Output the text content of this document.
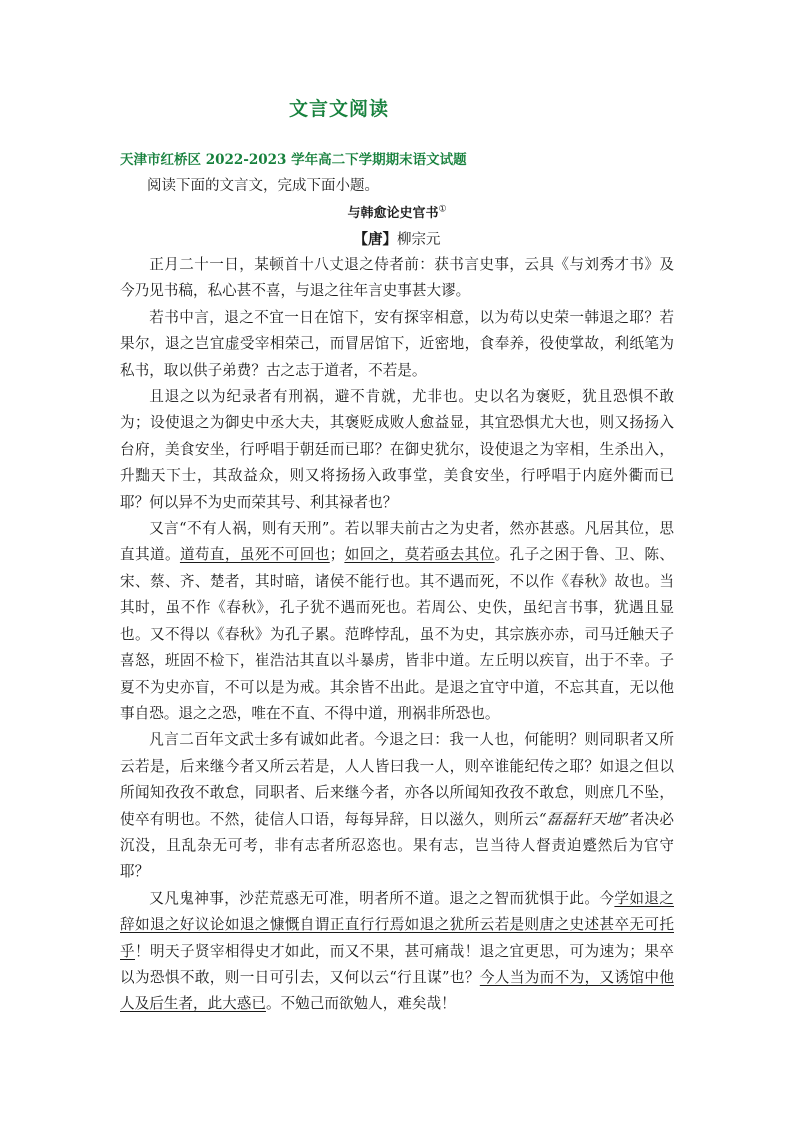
文言文阅读
天津市红桥区 2022-2023 学年高二下学期期末语文试题
阅读下面的文言文，完成下面小题。
与韩愈论史官书①
【唐】柳宗元

正月二十一日，某顿首十八丈退之侍者前：获书言史事，云具《与刘秀才书》及今乃见书稿，私心甚不喜，与退之往年言史事甚大谬。

若书中言，退之不宜一日在馆下，安有探宰相意，以为苟以史荣一韩退之耶？若果尔，退之岂宜虚受宰相荣己，而冒居馆下，近密地，食奉养，役使掌故，利纸笔为私书，取以供子弟费？古之志于道者，不若是。

且退之以为纪录者有刑祸，避不肯就，尤非也。史以名为褒贬，犹且恐惧不敢为；设使退之为御史中丞大夫，其褒贬成败人愈益显，其宜恐惧尤大也，则又扬扬入台府，美食安坐，行呼唱于朝廷而已耶？在御史犹尔，设使退之为宰相，生杀出入，升黜天下士，其敌益众，则又将扬扬入政事堂，美食安坐，行呼唱于内庭外衢而已耶？何以异不为史而荣其号、利其禄者也？

又言“不有人祸，则有天刑”。若以罪夫前古之为史者，然亦甚惑。凡居其位，思直其道。道苟直，虽死不可回也；如回之，莫若亟去其位。孔子之困于鲁、卫、陈、宋、蔡、齐、楚者，其时暗，诸侯不能行也。其不遇而死，不以作《春秋》故也。当其时，虽不作《春秋》，孔子犹不遇而死也。若周公、史佚，虽纪言书事，犹遇且显也。又不得以《春秋》为孔子累。范晔悖乱，虽不为史，其宗族亦赤，司马迁触天子喜怒，班固不检下，崔浩沽其直以斗暴虏，皆非中道。左丘明以疾盲，出于不幸。子夏不为史亦盲，不可以是为戒。其余皆不出此。是退之宜守中道，不忘其直，无以他事自恐。退之之恐，唯在不直、不得中道，刑祸非所恐也。

凡言二百年文武士多有诚如此者。今退之曰：我一人也，何能明？则同职者又所云若是，后来继今者又所云若是，人人皆曰我一人，则卒谁能纪传之耶？如退之但以所闻知孜孜不敢怠，同职者、后来继今者，亦各以所闻知孜孜不敢怠，则庶几不坠，使卒有明也。不然，徒信人口语，每每异辞，日以滋久，则所云“磊磊轩天地”者决必沉没，且乱杂无可考，非有志者所忍恣也。果有志，岂当待人督责迫蹙然后为官守耶？

又凡鬼神事，沙茫荒惑无可准，明者所不道。退之之智而犹惧于此。今学如退之辞如退之好议论如退之慷慨自谓正直行行焉如退之犹所云若是则唐之史述甚卒无可托乎！明天子贤宰相得史才如此，而又不果，甚可痛哉！退之宜更思，可为速为；果卒以为恐惧不敢，则一日可引去，又何以云“行且谋”也？今人当为而不为，又诱馆中他人及后生者，此大惑已。不勉己而欲勉人，难矣哉！
